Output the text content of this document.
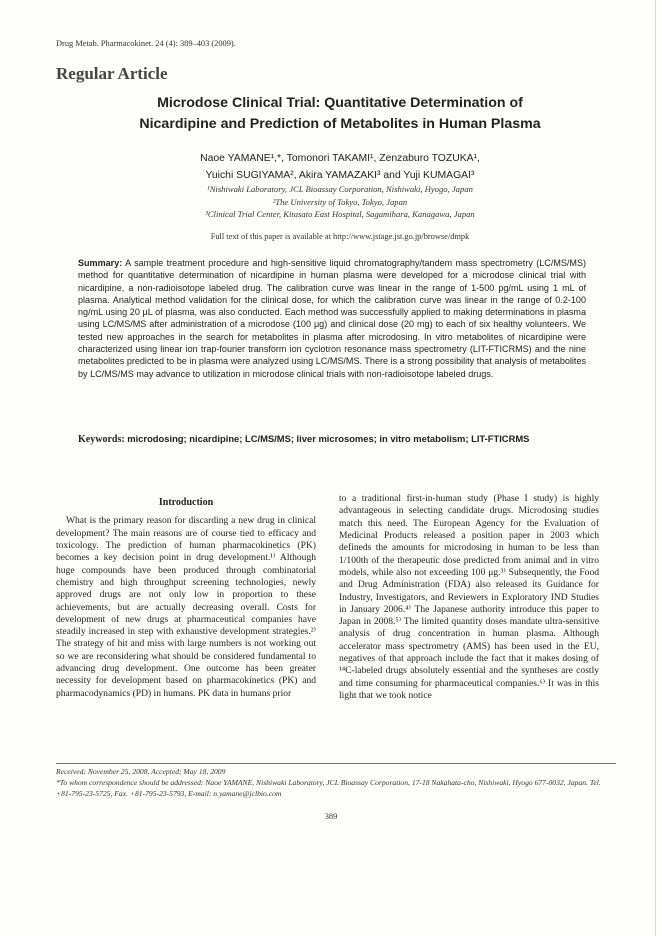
Drug Metab. Pharmacokinet. 24 (4): 389–403 (2009).
Regular Article
Microdose Clinical Trial: Quantitative Determination of
Nicardipine and Prediction of Metabolites in Human Plasma
Naoe YAMANE¹,*, Tomonori TAKAMI¹, Zenzaburo TOZUKA¹,
Yuichi SUGIYAMA², Akira YAMAZAKI³ and Yuji KUMAGAI³
¹Nishiwaki Laboratory, JCL Bioassay Corporation, Nishiwaki, Hyogo, Japan
²The University of Tokyo, Tokyo, Japan
³Clinical Trial Center, Kitasato East Hospital, Sagamihara, Kanagawa, Japan
Full text of this paper is available at http://www.jstage.jst.go.jp/browse/dmpk
Summary: A sample treatment procedure and high-sensitive liquid chromatography/tandem mass spectrometry (LC/MS/MS) method for quantitative determination of nicardipine in human plasma were developed for a microdose clinical trial with nicardipine, a non-radioisotope labeled drug. The calibration curve was linear in the range of 1-500 pg/mL using 1 mL of plasma. Analytical method validation for the clinical dose, for which the calibration curve was linear in the range of 0.2-100 ng/mL using 20 μL of plasma, was also conducted. Each method was successfully applied to making determinations in plasma using LC/MS/MS after administration of a microdose (100 μg) and clinical dose (20 mg) to each of six healthy volunteers. We tested new approaches in the search for metabolites in plasma after microdosing. In vitro metabolites of nicardipine were characterized using linear ion trap-fourier transform ion cyclotron resonance mass spectrometry (LIT-FTICRMS) and the nine metabolites predicted to be in plasma were analyzed using LC/MS/MS. There is a strong possibility that analysis of metabolites by LC/MS/MS may advance to utilization in microdose clinical trials with non-radioisotope labeled drugs.
Keywords: microdosing; nicardipine; LC/MS/MS; liver microsomes; in vitro metabolism; LIT-FTICRMS
Introduction

What is the primary reason for discarding a new drug in clinical development? The main reasons are of course tied to efficacy and toxicology. The prediction of human pharmacokinetics (PK) becomes a key decision point in drug development.¹⁾ Although huge compounds have been produced through combinatorial chemistry and high throughput screening technologies, newly approved drugs are not only low in proportion to these achievements, but are actually decreasing overall. Costs for development of new drugs at pharmaceutical companies have steadily increased in step with exhaustive development strategies.²⁾ The strategy of hit and miss with large numbers is not working out so we are reconsidering what should be considered fundamental to advancing drug development. One outcome has been greater necessity for development based on pharmacokinetics (PK) and pharmacodynamics (PD) in humans. PK data in humans prior

to a traditional first-in-human study (Phase I study) is highly advantageous in selecting candidate drugs. Microdosing studies match this need. The European Agency for the Evaluation of Medicinal Products released a position paper in 2003 which defineds the amounts for microdosing in human to be less than 1/100th of the therapeutic dose predicted from animal and in vitro models, while also not exceeding 100 μg.³⁾ Subsequently, the Food and Drug Administration (FDA) also released its Guidance for Industry, Investigators, and Reviewers in Exploratory IND Studies in January 2006.⁴⁾ The Japanese authority introduce this paper to Japan in 2008.⁵⁾ The limited quantity doses mandate ultra-sensitive analysis of drug concentration in human plasma. Although accelerator mass spectrometry (AMS) has been used in the EU, negatives of that approach include the fact that it makes dosing of ¹⁴C-labeled drugs absolutely essential and the syntheses are costly and time consuming for pharmaceutical companies.⁶⁾ It was in this light that we took notice

Received; November 25, 2008, Accepted; May 18, 2009
*To whom correspondence should be addressed: Naoe YAMANE, Nishiwaki Laboratory, JCL Bioassay Corporation, 17-18 Nakahata-cho, Nishiwaki, Hyogo 677-0032, Japan. Tel. +81-795-23-5725, Fax. +81-795-23-5793, E-mail: n.yamane@jclbio.com
389
